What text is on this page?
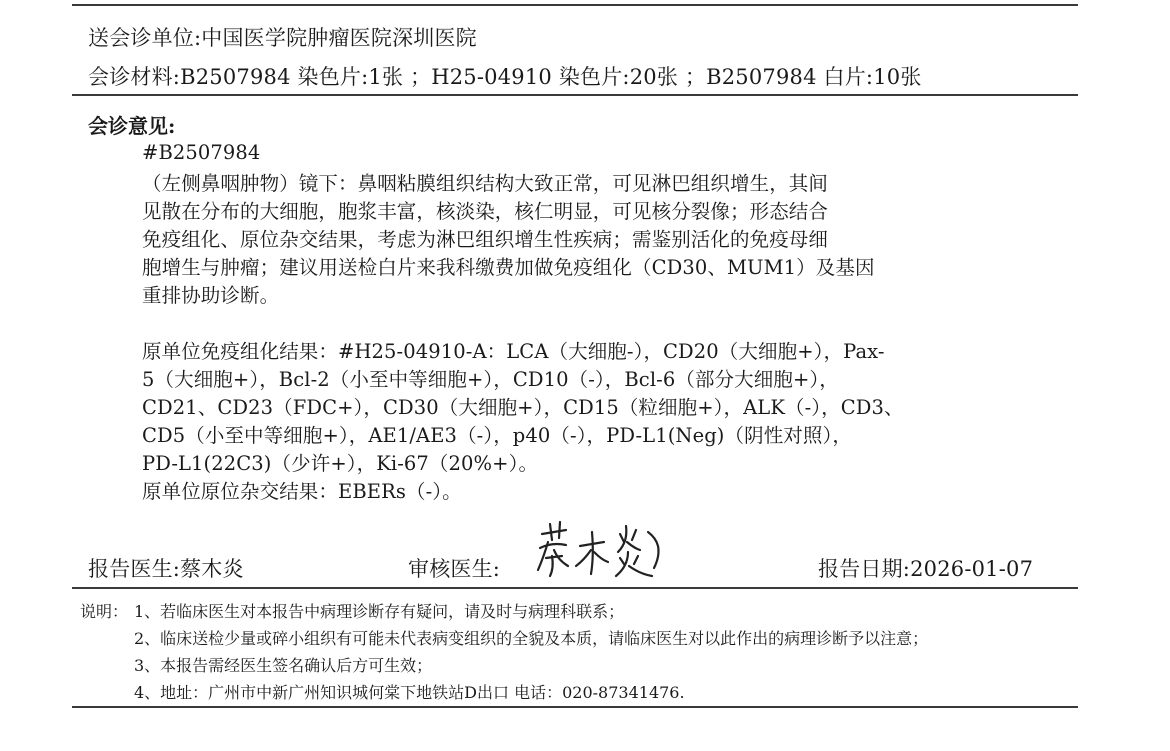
送会诊单位:中国医学院肿瘤医院深圳医院
会诊材料:B2507984 染色片:1张 ；H25-04910 染色片:20张 ；B2507984 白片:10张
会诊意见:
#B2507984
（左侧鼻咽肿物）镜下：鼻咽粘膜组织结构大致正常，可见淋巴组织增生，其间
见散在分布的大细胞，胞浆丰富，核淡染，核仁明显，可见核分裂像；形态结合
免疫组化、原位杂交结果，考虑为淋巴组织增生性疾病；需鉴别活化的免疫母细
胞增生与肿瘤；建议用送检白片来我科缴费加做免疫组化（CD30、MUM1）及基因
重排协助诊断。
原单位免疫组化结果：#H25-04910-A：LCA（大细胞-），CD20（大细胞+），Pax-
5（大细胞+），Bcl-2（小至中等细胞+），CD10（-），Bcl-6（部分大细胞+），
CD21、CD23（FDC+），CD30（大细胞+），CD15（粒细胞+），ALK（-），CD3、
CD5（小至中等细胞+），AE1/AE3（-），p40（-），PD-L1(Neg)（阴性对照），
PD-L1(22C3)（少许+），Ki-67（20%+）。
原单位原位杂交结果：EBERs（-）。
报告医生:蔡木炎	审核医生:	报告日期:2026-01-07
说明： 1、若临床医生对本报告中病理诊断存有疑问，请及时与病理科联系；
2、临床送检少量或碎小组织有可能未代表病变组织的全貌及本质，请临床医生对以此作出的病理诊断予以注意；
3、本报告需经医生签名确认后方可生效；
4、地址：广州市中新广州知识城何棠下地铁站D出口 电话：020-87341476.
